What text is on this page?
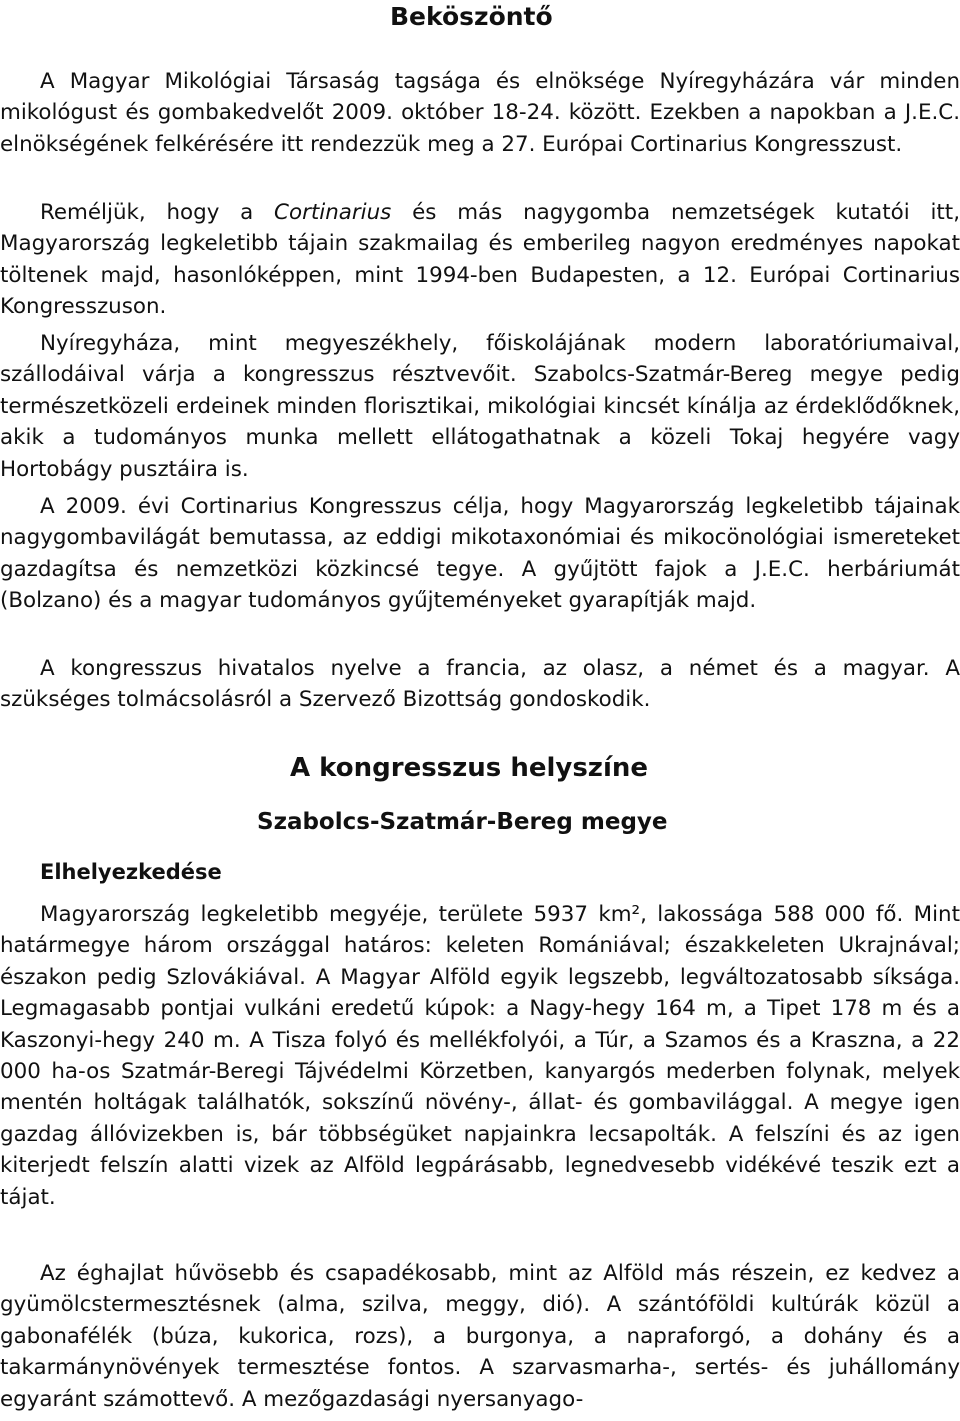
Beköszöntő

A Magyar Mikológiai Társaság tagsága és elnöksége Nyíregyházára vár minden mikológust és gombakedvelőt 2009. október 18-24. között. Ezekben a napokban a J.E.C. elnökségének felkérésére itt rendezzük meg a 27. Európai Cortinarius Kongresszust.

Reméljük, hogy a Cortinarius és más nagygomba nemzetségek kutatói itt, Magyarország legkeletibb tájain szakmailag és emberileg nagyon eredményes napokat töltenek majd, hasonlóképpen, mint 1994-ben Budapesten, a 12. Európai Cortinarius Kongresszuson.

Nyíregyháza, mint megyeszékhely, főiskolájának modern laboratóriumaival, szállodáival várja a kongresszus résztvevőit. Szabolcs-Szatmár-Bereg megye pedig természetközeli erdeinek minden florisztikai, mikológiai kincsét kínálja az érdeklődőknek, akik a tudományos munka mellett ellátogathatnak a közeli Tokaj hegyére vagy Hortobágy pusztáira is.

A 2009. évi Cortinarius Kongresszus célja, hogy Magyarország legkeletibb tájainak nagygombavilágát bemutassa, az eddigi mikotaxonómiai és mikocönológiai ismereteket gazdagítsa és nemzetközi közkincsé tegye. A gyűjtött fajok a J.E.C. herbáriumát (Bolzano) és a magyar tudományos gyűjteményeket gyarapítják majd.

A kongresszus hivatalos nyelve a francia, az olasz, a német és a magyar. A szükséges tolmácsolásról a Szervező Bizottság gondoskodik.

A kongresszus helyszíne
Szabolcs-Szatmár-Bereg megye
Elhelyezkedése

Magyarország legkeletibb megyéje, területe 5937 km², lakossága 588 000 fő. Mint határmegye három országgal határos: keleten Romániával; északkeleten Ukrajnával; északon pedig Szlovákiával. A Magyar Alföld egyik legszebb, legváltozatosabb síksága. Legmagasabb pontjai vulkáni eredetű kúpok: a Nagy-hegy 164 m, a Tipet 178 m és a Kaszonyi-hegy 240 m. A Tisza folyó és mellékfolyói, a Túr, a Szamos és a Kraszna, a 22 000 ha-os Szatmár-Beregi Tájvédelmi Körzetben, kanyargós mederben folynak, melyek mentén holtágak találhatók, sokszínű növény-, állat- és gombavilággal. A megye igen gazdag állóvizekben is, bár többségüket napjainkra lecsapolták. A felszíni és az igen kiterjedt felszín alatti vizek az Alföld legpárásabb, legnedvesebb vidékévé teszik ezt a tájat.

Az éghajlat hűvösebb és csapadékosabb, mint az Alföld más részein, ez kedvez a gyümölcstermesztésnek (alma, szilva, meggy, dió). A szántóföldi kultúrák közül a gabonafélék (búza, kukorica, rozs), a burgonya, a napraforgó, a dohány és a takarmánynövények termesztése fontos. A szarvasmarha-, sertés- és juhállomány egyaránt számottevő. A mezőgazdasági nyersanyago-
